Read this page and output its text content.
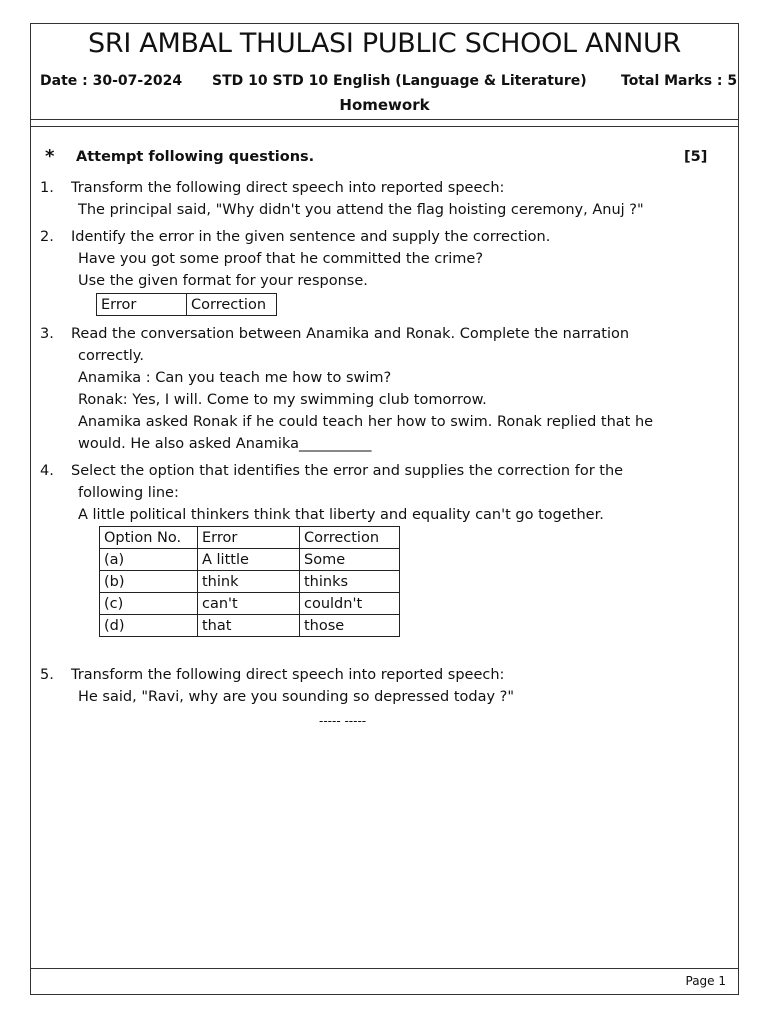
SRI AMBAL THULASI PUBLIC SCHOOL ANNUR
Date : 30-07-2024 STD 10 STD 10 English (Language & Literature) Total Marks : 5
Homework
* Attempt following questions.	[5]
1. Transform the following direct speech into reported speech:
The principal said, "Why didn't you attend the flag hoisting ceremony, Anuj ?"
2. Identify the error in the given sentence and supply the correction.
Have you got some proof that he committed the crime?
Use the given format for your response.
Error	Correction
3. Read the conversation between Anamika and Ronak. Complete the narration
correctly.
Anamika : Can you teach me how to swim?
Ronak: Yes, I will. Come to my swimming club tomorrow.
Anamika asked Ronak if he could teach her how to swim. Ronak replied that he
would. He also asked Anamika__________
4. Select the option that identifies the error and supplies the correction for the
following line:
A little political thinkers think that liberty and equality can't go together.
Option No.	Error	Correction
(a)	A little	Some
(b)	think	thinks
(c)	can't	couldn't
(d)	that	those
5. Transform the following direct speech into reported speech:
He said, "Ravi, why are you sounding so depressed today ?"
----- -----
Page 1
